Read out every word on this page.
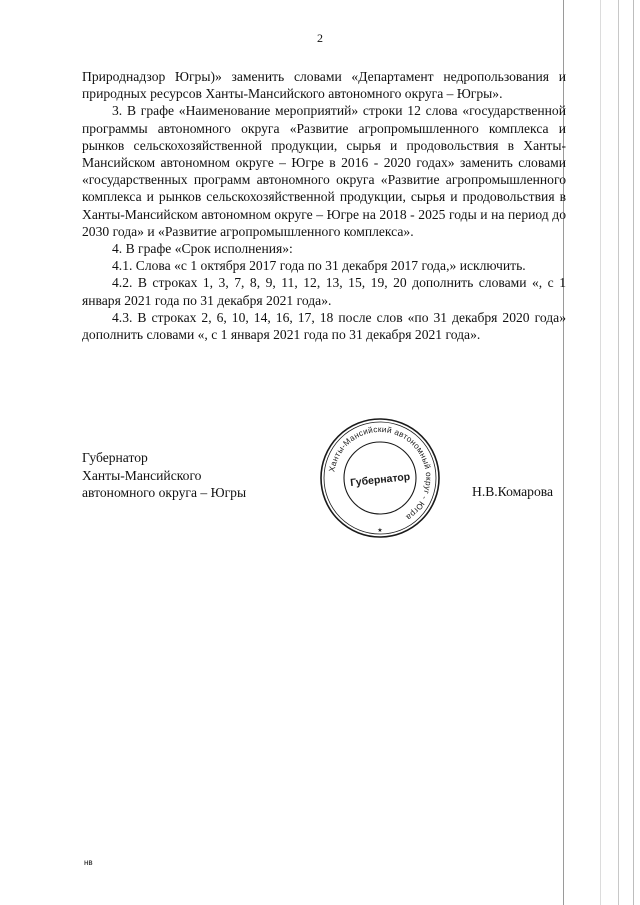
2

Природнадзор Югры)» заменить словами «Департамент недропользования и природных ресурсов Ханты-Мансийского автономного округа – Югры».

3. В графе «Наименование мероприятий» строки 12 слова «государственной программы автономного округа «Развитие агропромышленного комплекса и рынков сельскохозяйственной продукции, сырья и продовольствия в Ханты-Мансийском автономном округе – Югре в 2016 - 2020 годах» заменить словами «государственных программ автономного округа «Развитие агропромышленного комплекса и рынков сельскохозяйственной продукции, сырья и продовольствия в Ханты-Мансийском автономном округе – Югре на 2018 - 2025 годы и на период до 2030 года» и «Развитие агропромышленного комплекса».

4. В графе «Срок исполнения»:

4.1. Слова «с 1 октября 2017 года по 31 декабря 2017 года,» исключить.

4.2. В строках 1, 3, 7, 8, 9, 11, 12, 13, 15, 19, 20 дополнить словами «, с 1 января 2021 года по 31 декабря 2021 года».

4.3. В строках 2, 6, 10, 14, 16, 17, 18 после слов «по 31 декабря 2020 года» дополнить словами «, с 1 января 2021 года по 31 декабря 2021 года».

Губернатор
Ханты-Мансийского
автономного округа – Югры
Ханты-Мансийский автономный округ - Югра
Губернатор
★
Н.В.Комарова
нв
